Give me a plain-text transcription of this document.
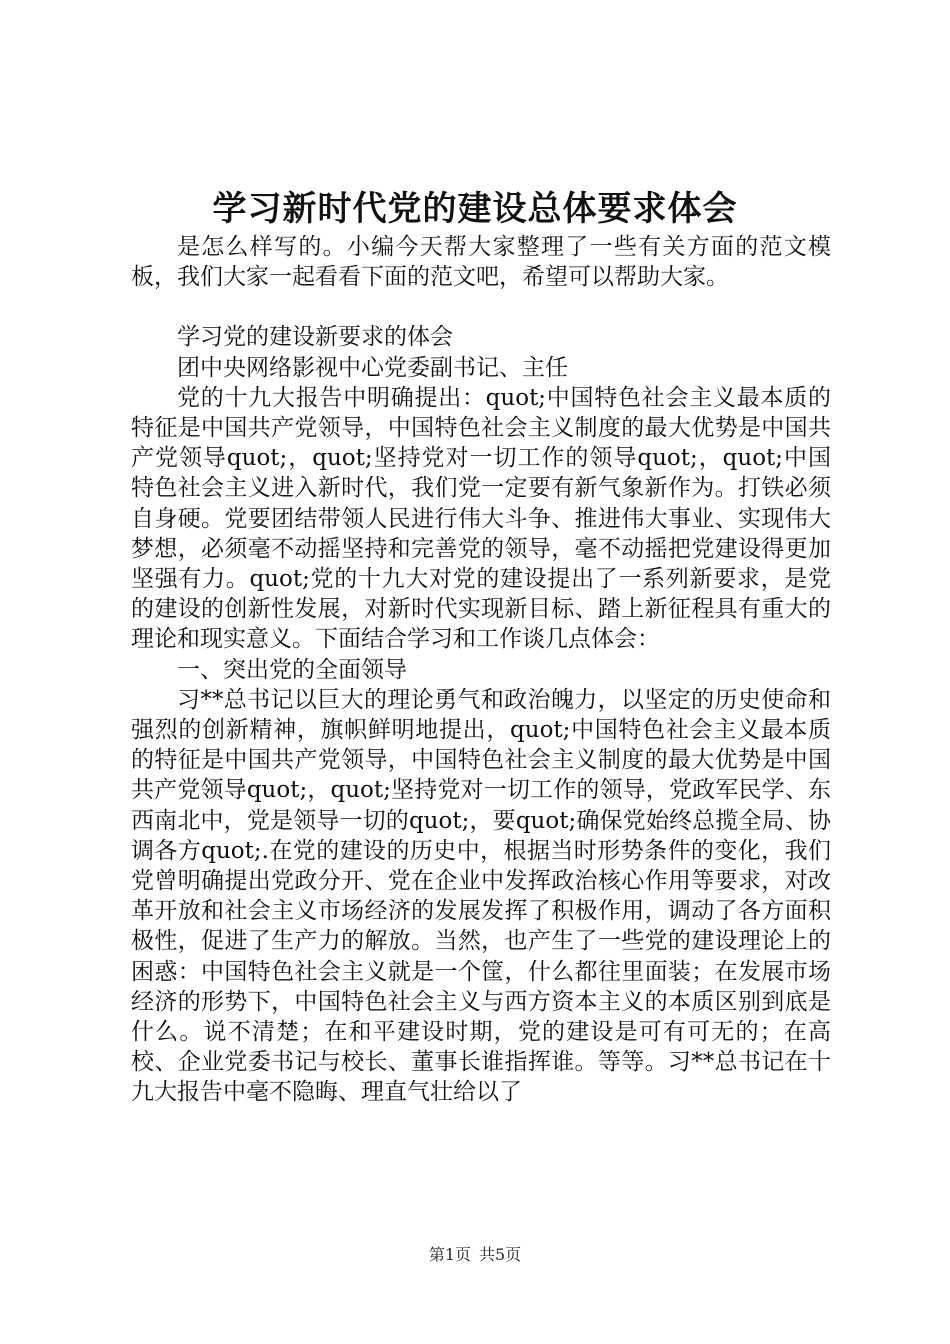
学习新时代党的建设总体要求体会

是怎么样写的。小编今天帮大家整理了一些有关方面的范文模板，我们大家一起看看下面的范文吧，希望可以帮助大家。

学习党的建设新要求的体会

团中央网络影视中心党委副书记、主任

党的十九大报告中明确提出：quot;中国特色社会主义最本质的特征是中国共产党领导，中国特色社会主义制度的最大优势是中国共产党领导quot;，quot;坚持党对一切工作的领导quot;，quot;中国特色社会主义进入新时代，我们党一定要有新气象新作为。打铁必须自身硬。党要团结带领人民进行伟大斗争、推进伟大事业、实现伟大梦想，必须毫不动摇坚持和完善党的领导，毫不动摇把党建设得更加坚强有力。quot;党的十九大对党的建设提出了一系列新要求，是党的建设的创新性发展，对新时代实现新目标、踏上新征程具有重大的理论和现实意义。下面结合学习和工作谈几点体会：

一、突出党的全面领导

习**总书记以巨大的理论勇气和政治魄力，以坚定的历史使命和强烈的创新精神，旗帜鲜明地提出，quot;中国特色社会主义最本质的特征是中国共产党领导，中国特色社会主义制度的最大优势是中国共产党领导quot;，quot;坚持党对一切工作的领导，党政军民学、东西南北中，党是领导一切的quot;，要quot;确保党始终总揽全局、协调各方quot;.在党的建设的历史中，根据当时形势条件的变化，我们党曾明确提出党政分开、党在企业中发挥政治核心作用等要求，对改革开放和社会主义市场经济的发展发挥了积极作用，调动了各方面积极性，促进了生产力的解放。当然，也产生了一些党的建设理论上的困惑：中国特色社会主义就是一个筐，什么都往里面装；在发展市场经济的形势下，中国特色社会主义与西方资本主义的本质区别到底是什么。说不清楚；在和平建设时期，党的建设是可有可无的；在高校、企业党委书记与校长、董事长谁指挥谁。等等。习**总书记在十九大报告中毫不隐晦、理直气壮给以了

第1页 共5页
